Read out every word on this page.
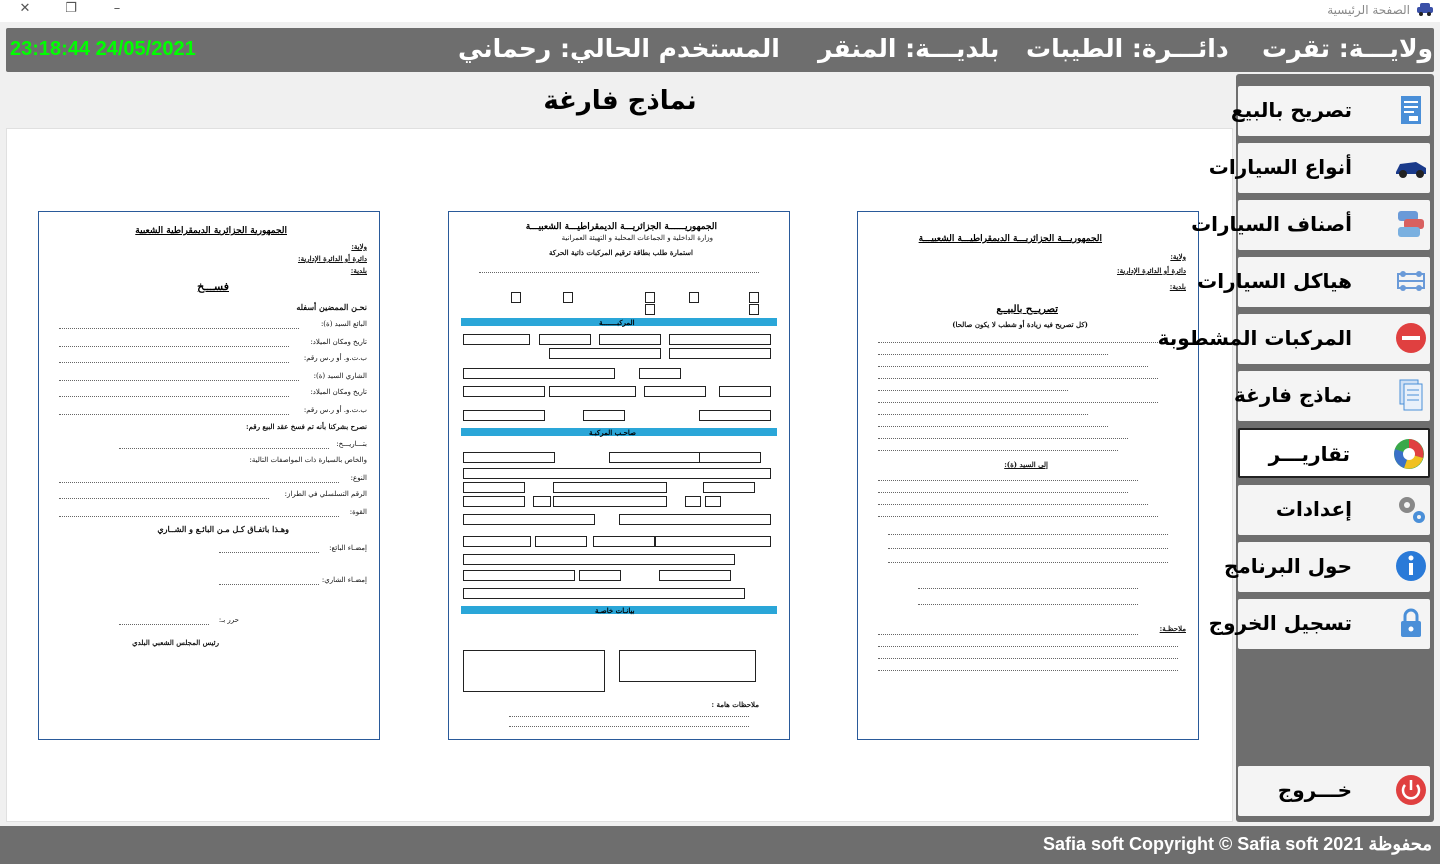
✕	❐	–	الصفحة الرئيسية
23:18:44 24/05/2021	المستخدم الحالي: رحماني بلديـــة: المنقر دائـــرة: الطيبات ولايـــة: تقرت
نماذج فارغة
الجمهورية الجزائرية الديمقراطية الشعبية
ولاية:
دائرة أو الدائرة الإدارية:
بلدية:
فســـخ
نحـن الممضين أسفله
البائع السيد (ة):
تاريخ ومكان الميلاد:
ب.ت.و. أو ر.س رقم:
الشاري السيد (ة):
تاريخ ومكان الميلاد:
ب.ت.و. أو ر.س رقم:
نصرح بشركنا بأنه تم فسخ عقد البيع رقم:
بتـــاريـــخ:
والخاص بالسيارة ذات المواصفات التالية:
النوع:
الرقم التسلسلي في الطراز:
القوة:
وهـذا باتفـاق كـل مـن البائـع و الشــاري
إمضـاء البائع:
إمضـاء الشاري:
حرر بـ:
رئيس المجلس الشعبي البلدي
الجمهوريــــــة الجزائريـــة الديمقراطيـــة الشعبيـــة
وزارة الداخلية و الجماعات المحلية و التهيئة العمرانية
استمارة طلب بطاقة ترقيم المركبات ذاتية الحركة
المركبـــــــة
صاحـب المركبـة
بيانـات خاصـة
ملاحظات هامة :
الجمهوريـــة الجزائريـــة الديمقراطيـــة الشعبيـــة
ولاية:
دائرة أو الدائرة الإدارية:
بلدية:
تصريــح بالبيــع
(كل تصريح فيه زيادة أو شطب لا يكون صالحا)
إلى السيد (ة):
ملاحظـة:
تصريح بالبيع
أنواع السيارات
أصناف السيارات
هياكل السيارات
المركبات المشطوبة
نماذج فارغة
تقاريـــر
إعدادات
حول البرنامج
تسجيل الخروج
خـــروج
محفوظة Safia soft Copyright © Safia soft 2021
